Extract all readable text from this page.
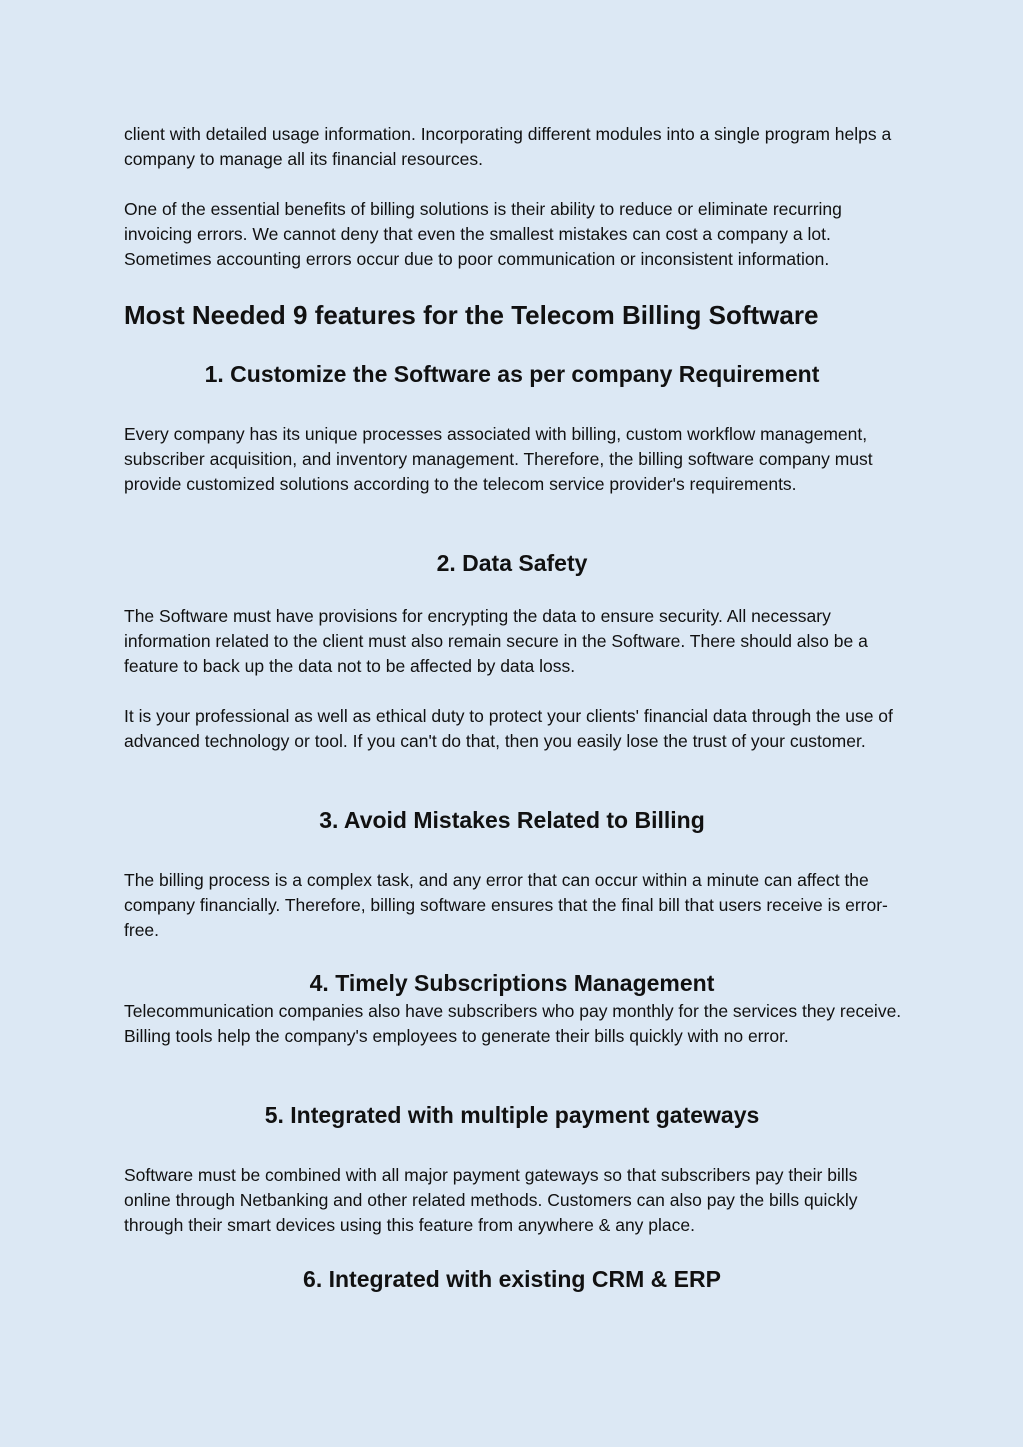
client with detailed usage information. Incorporating different modules into a single program helps a company to manage all its financial resources.

One of the essential benefits of billing solutions is their ability to reduce or eliminate recurring invoicing errors. We cannot deny that even the smallest mistakes can cost a company a lot. Sometimes accounting errors occur due to poor communication or inconsistent information.

Most Needed 9 features for the Telecom Billing Software
1. Customize the Software as per company Requirement

Every company has its unique processes associated with billing, custom workflow management, subscriber acquisition, and inventory management. Therefore, the billing software company must provide customized solutions according to the telecom service provider's requirements.

2. Data Safety

The Software must have provisions for encrypting the data to ensure security. All necessary information related to the client must also remain secure in the Software. There should also be a feature to back up the data not to be affected by data loss.

It is your professional as well as ethical duty to protect your clients' financial data through the use of advanced technology or tool. If you can't do that, then you easily lose the trust of your customer.

3. Avoid Mistakes Related to Billing

The billing process is a complex task, and any error that can occur within a minute can affect the company financially. Therefore, billing software ensures that the final bill that users receive is error-free.

4. Timely Subscriptions Management

Telecommunication companies also have subscribers who pay monthly for the services they receive. Billing tools help the company's employees to generate their bills quickly with no error.

5. Integrated with multiple payment gateways

Software must be combined with all major payment gateways so that subscribers pay their bills online through Netbanking and other related methods. Customers can also pay the bills quickly through their smart devices using this feature from anywhere & any place.

6. Integrated with existing CRM & ERP
